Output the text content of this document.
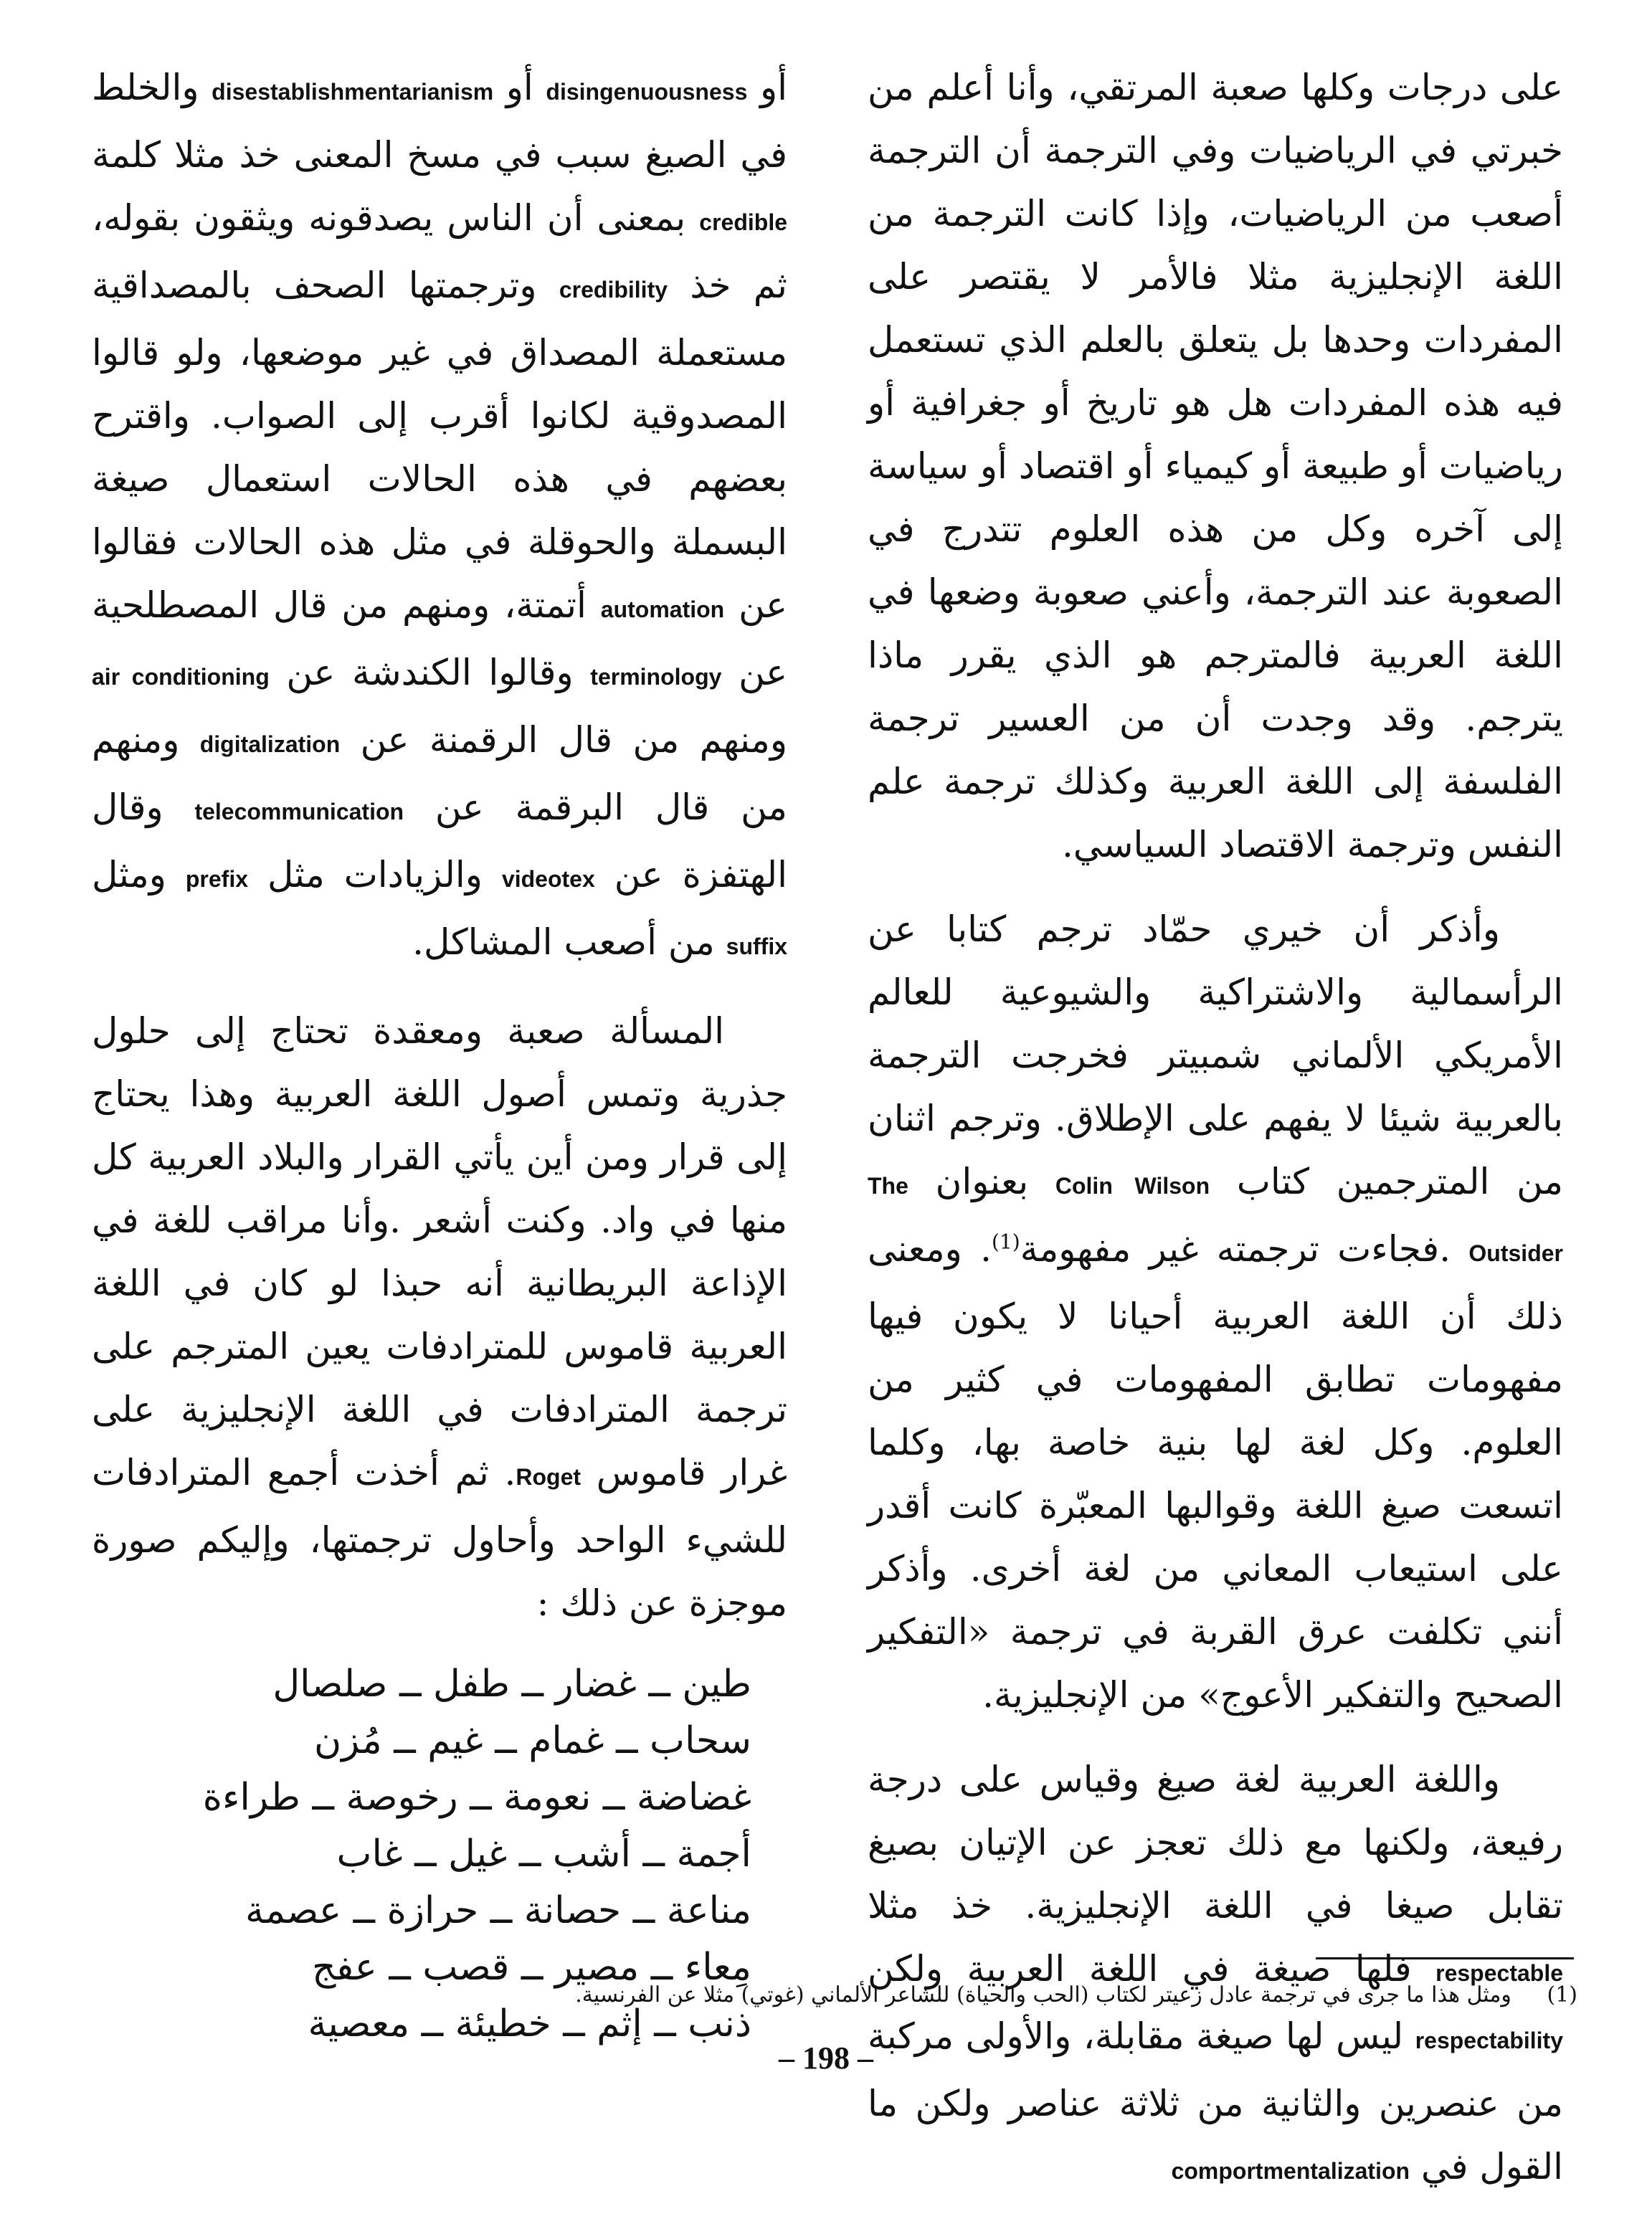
على درجات وكلها صعبة المرتقي، وأنا أعلم من خبرتي في الرياضيات وفي الترجمة أن الترجمة أصعب من الرياضيات، وإذا كانت الترجمة من اللغة الإنجليزية مثلا فالأمر لا يقتصر على المفردات وحدها بل يتعلق بالعلم الذي تستعمل فيه هذه المفردات هل هو تاريخ أو جغرافية أو رياضيات أو طبيعة أو كيمياء أو اقتصاد أو سياسة إلى آخره وكل من هذه العلوم تتدرج في الصعوبة عند الترجمة، وأعني صعوبة وضعها في اللغة العربية فالمترجم هو الذي يقرر ماذا يترجم. وقد وجدت أن من العسير ترجمة الفلسفة إلى اللغة العربية وكذلك ترجمة علم النفس وترجمة الاقتصاد السياسي.

وأذكر أن خيري حمّاد ترجم كتابا عن الرأسمالية والاشتراكية والشيوعية للعالم الأمريكي الألماني شمبيتر فخرجت الترجمة بالعربية شيئا لا يفهم على الإطلاق. وترجم اثنان من المترجمين كتاب Colin Wilson بعنوان The Outsider .فجاءت ترجمته غير مفهومة$^{(1)}$. ومعنى ذلك أن اللغة العربية أحيانا لا يكون فيها مفهومات تطابق المفهومات في كثير من العلوم. وكل لغة لها بنية خاصة بها، وكلما اتسعت صيغ اللغة وقوالبها المعبّرة كانت أقدر على استيعاب المعاني من لغة أخرى. وأذكر أنني تكلفت عرق القربة في ترجمة «التفكير الصحيح والتفكير الأعوج» من الإنجليزية.

واللغة العربية لغة صيغ وقياس على درجة رفيعة، ولكنها مع ذلك تعجز عن الإتيان بصيغ تقابل صيغا في اللغة الإنجليزية. خذ مثلا respectable فلها صيغة في اللغة العربية ولكن respectability ليس لها صيغة مقابلة، والأولى مركبة من عنصرين والثانية من ثلاثة عناصر ولكن ما القول في comportmentalization

أو disingenuousness أو disestablishmentarianism والخلط في الصيغ سبب في مسخ المعنى خذ مثلا كلمة credible بمعنى أن الناس يصدقونه ويثقون بقوله، ثم خذ credibility وترجمتها الصحف بالمصداقية مستعملة المصداق في غير موضعها، ولو قالوا المصدوقية لكانوا أقرب إلى الصواب. واقترح بعضهم في هذه الحالات استعمال صيغة البسملة والحوقلة في مثل هذه الحالات فقالوا عن automation أتمتة، ومنهم من قال المصطلحية عن terminology وقالوا الكندشة عن air conditioning ومنهم من قال الرقمنة عن digitalization ومنهم من قال البرقمة عن telecommunication وقال الهتفزة عن videotex والزيادات مثل prefix ومثل suffix من أصعب المشاكل.

المسألة صعبة ومعقدة تحتاج إلى حلول جذرية وتمس أصول اللغة العربية وهذا يحتاج إلى قرار ومن أين يأتي القرار والبلاد العربية كل منها في واد. وكنت أشعر .وأنا مراقب للغة في الإذاعة البريطانية أنه حبذا لو كان في اللغة العربية قاموس للمترادفات يعين المترجم على ترجمة المترادفات في اللغة الإنجليزية على غرار قاموس Roget. ثم أخذت أجمع المترادفات للشيء الواحد وأحاول ترجمتها، وإليكم صورة موجزة عن ذلك :

طين ــ غضار ــ طفل ــ صلصال
سحاب ــ غمام ــ غيم ــ مُزن
غضاضة ــ نعومة ــ رخوصة ــ طراءة
أجمة ــ أشب ــ غيل ــ غاب
مناعة ــ حصانة ــ حرازة ــ عصمة
مِعاء ــ مصير ــ قصب ــ عفج
ذنب ــ إثم ــ خطيئة ــ معصية
(1) ومثل هذا ما جرى في ترجمة عادل زعيتر لكتاب (الحب والحياة) للشاعر الألماني (غوتي) مثلا عن الفرنسية.
– 198 –
